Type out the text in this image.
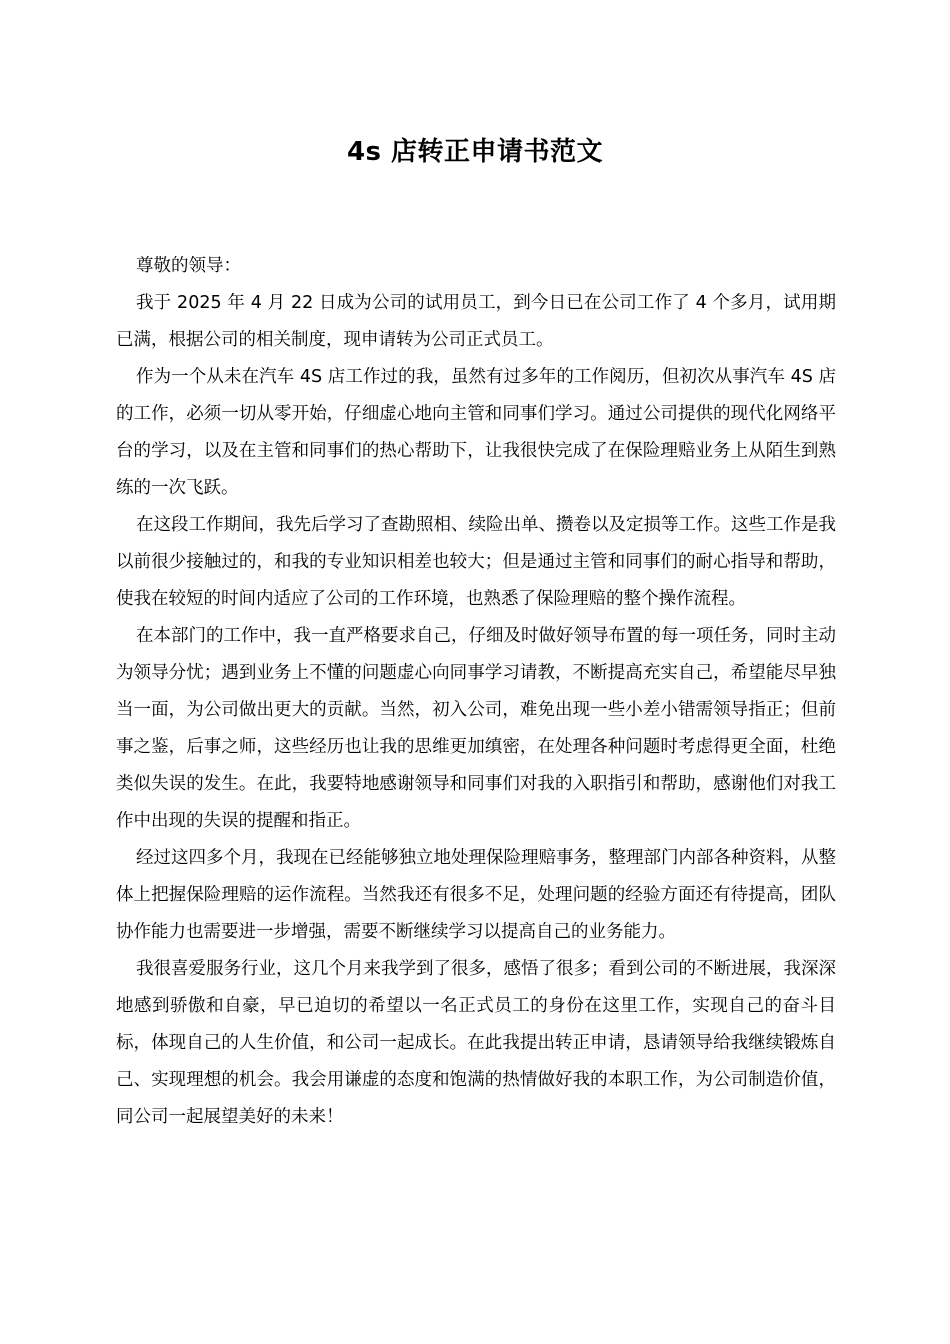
4s 店转正申请书范文

尊敬的领导：

我于 2025 年 4 月 22 日成为公司的试用员工，到今日已在公司工作了 4 个多月，试用期已满，根据公司的相关制度，现申请转为公司正式员工。

作为一个从未在汽车 4S 店工作过的我，虽然有过多年的工作阅历，但初次从事汽车 4S 店的工作，必须一切从零开始，仔细虚心地向主管和同事们学习。通过公司提供的现代化网络平台的学习，以及在主管和同事们的热心帮助下，让我很快完成了在保险理赔业务上从陌生到熟练的一次飞跃。

在这段工作期间，我先后学习了查勘照相、续险出单、攒卷以及定损等工作。这些工作是我以前很少接触过的，和我的专业知识相差也较大；但是通过主管和同事们的耐心指导和帮助，使我在较短的时间内适应了公司的工作环境，也熟悉了保险理赔的整个操作流程。

在本部门的工作中，我一直严格要求自己，仔细及时做好领导布置的每一项任务，同时主动为领导分忧；遇到业务上不懂的问题虚心向同事学习请教，不断提高充实自己，希望能尽早独当一面，为公司做出更大的贡献。当然，初入公司，难免出现一些小差小错需领导指正；但前事之鉴，后事之师，这些经历也让我的思维更加缜密，在处理各种问题时考虑得更全面，杜绝类似失误的发生。在此，我要特地感谢领导和同事们对我的入职指引和帮助，感谢他们对我工作中出现的失误的提醒和指正。

经过这四多个月，我现在已经能够独立地处理保险理赔事务，整理部门内部各种资料，从整体上把握保险理赔的运作流程。当然我还有很多不足，处理问题的经验方面还有待提高，团队协作能力也需要进一步增强，需要不断继续学习以提高自己的业务能力。

我很喜爱服务行业，这几个月来我学到了很多，感悟了很多；看到公司的不断进展，我深深地感到骄傲和自豪，早已迫切的希望以一名正式员工的身份在这里工作，实现自己的奋斗目标，体现自己的人生价值，和公司一起成长。在此我提出转正申请，恳请领导给我继续锻炼自己、实现理想的机会。我会用谦虚的态度和饱满的热情做好我的本职工作，为公司制造价值，同公司一起展望美好的未来！
